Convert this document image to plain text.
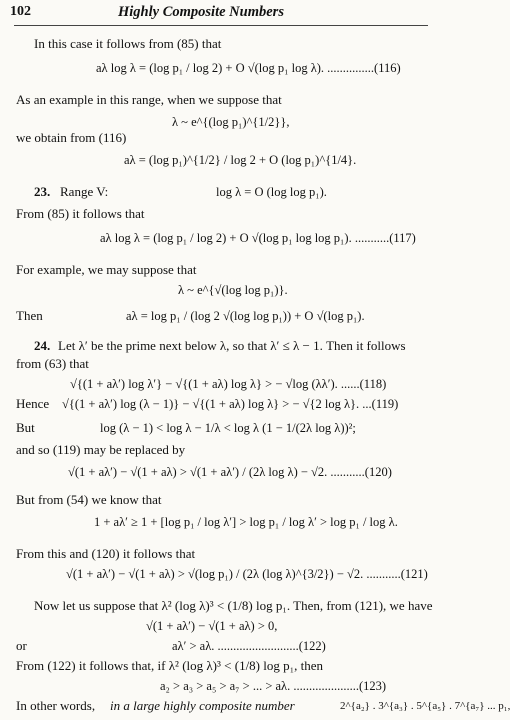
102	Highly Composite Numbers
In this case it follows from (85) that
aλ log λ = (log p₁ / log 2) + O √(log p₁ log λ). ...............(116)
As an example in this range, when we suppose that
λ ~ e^{(log p₁)^{1/2}},
we obtain from (116)
aλ = (log p₁)^{1/2} / log 2 + O (log p₁)^{1/4}.
23. Range V:	log λ = O (log log p₁).
From (85) it follows that
aλ log λ = (log p₁ / log 2) + O √(log p₁ log log p₁). ...........(117)
For example, we may suppose that
λ ~ e^{√(log log p₁)}.
Then	aλ = log p₁ / (log 2 √(log log p₁)) + O √(log p₁).
24. Let λ′ be the prime next below λ, so that λ′ ≤ λ − 1. Then it follows
from (63) that
√{(1 + aλ′) log λ′} − √{(1 + aλ) log λ} > − √log (λλ′). ......(118)
Hence √{(1 + aλ′) log (λ − 1)} − √{(1 + aλ) log λ} > − √{2 log λ}. ...(119)
But	log (λ − 1) < log λ − 1/λ < log λ (1 − 1/(2λ log λ))²;
and so (119) may be replaced by
√(1 + aλ′) − √(1 + aλ) > √(1 + aλ′) / (2λ log λ) − √2. ...........(120)
But from (54) we know that
1 + aλ′ ≥ 1 + [log p₁ / log λ′] > log p₁ / log λ′ > log p₁ / log λ.
From this and (120) it follows that
√(1 + aλ′) − √(1 + aλ) > √(log p₁) / (2λ (log λ)^{3/2}) − √2. ...........(121)
Now let us suppose that λ² (log λ)³ < (1/8) log p₁. Then, from (121), we have
√(1 + aλ′) − √(1 + aλ) > 0,
or	aλ′ > aλ. ..........................(122)
From (122) it follows that, if λ² (log λ)³ < (1/8) log p₁, then
a₂ > a₃ > a₅ > a₇ > ... > aλ. .....................(123)
In other words, in a large highly composite number	2^{a₂} . 3^{a₃} . 5^{a₅} . 7^{a₇} ... p₁,
